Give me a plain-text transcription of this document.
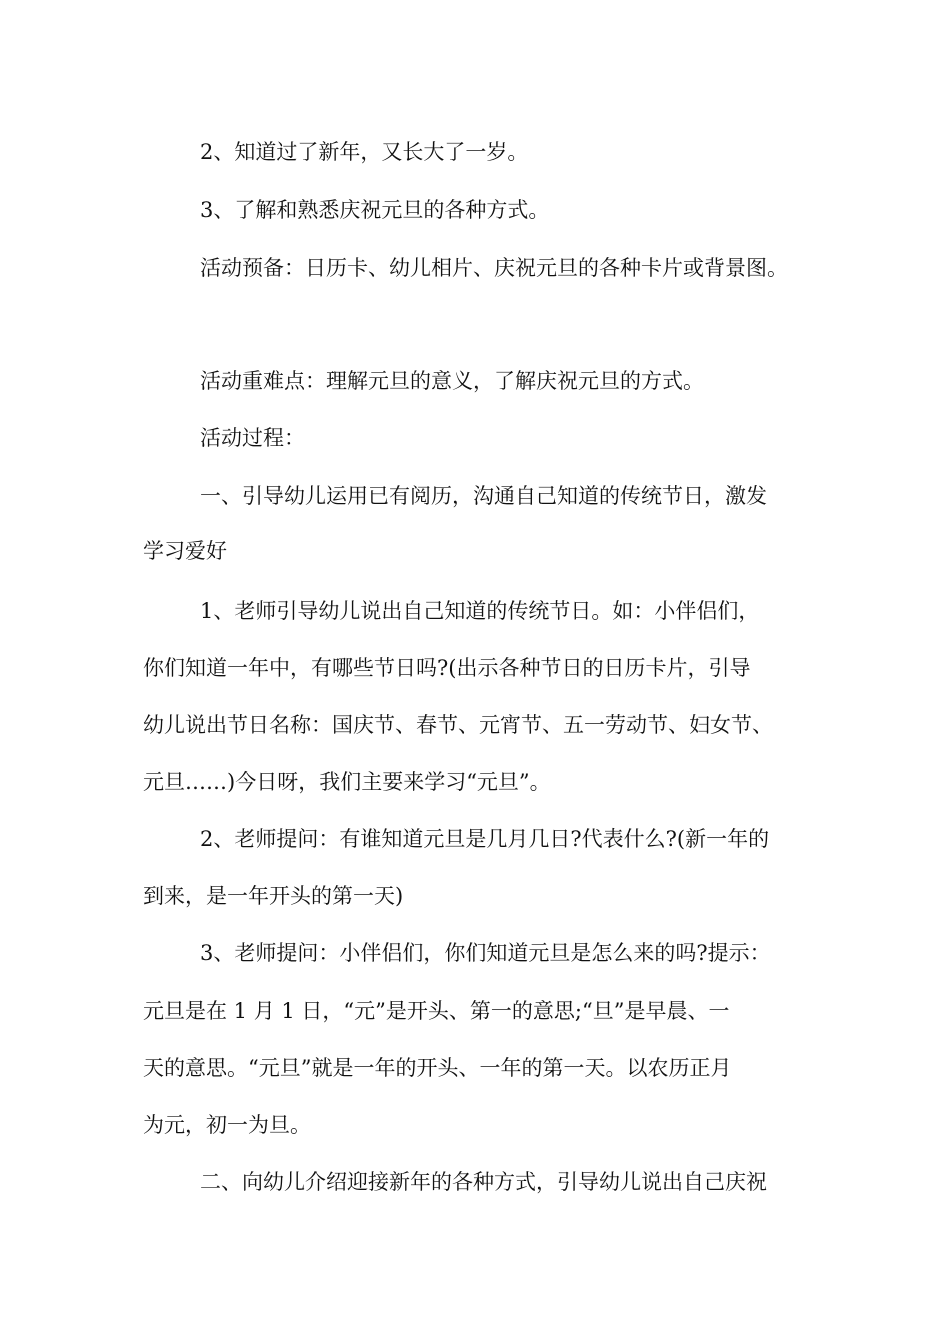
2、知道过了新年，又长大了一岁。
3、了解和熟悉庆祝元旦的各种方式。
活动预备：日历卡、幼儿相片、庆祝元旦的各种卡片或背景图。
活动重难点：理解元旦的意义，了解庆祝元旦的方式。
活动过程：
一、引导幼儿运用已有阅历，沟通自己知道的传统节日，激发
学习爱好
1、老师引导幼儿说出自己知道的传统节日。如：小伴侣们，
你们知道一年中，有哪些节日吗?(出示各种节日的日历卡片，引导
幼儿说出节日名称：国庆节、春节、元宵节、五一劳动节、妇女节、
元旦……)今日呀，我们主要来学习“元旦”。
2、老师提问：有谁知道元旦是几月几日?代表什么?(新一年的
到来，是一年开头的第一天)
3、老师提问：小伴侣们，你们知道元旦是怎么来的吗?提示：
元旦是在 1 月 1 日，“元”是开头、第一的意思;“旦”是早晨、一
天的意思。“元旦”就是一年的开头、一年的第一天。以农历正月
为元，初一为旦。
二、向幼儿介绍迎接新年的各种方式，引导幼儿说出自己庆祝
